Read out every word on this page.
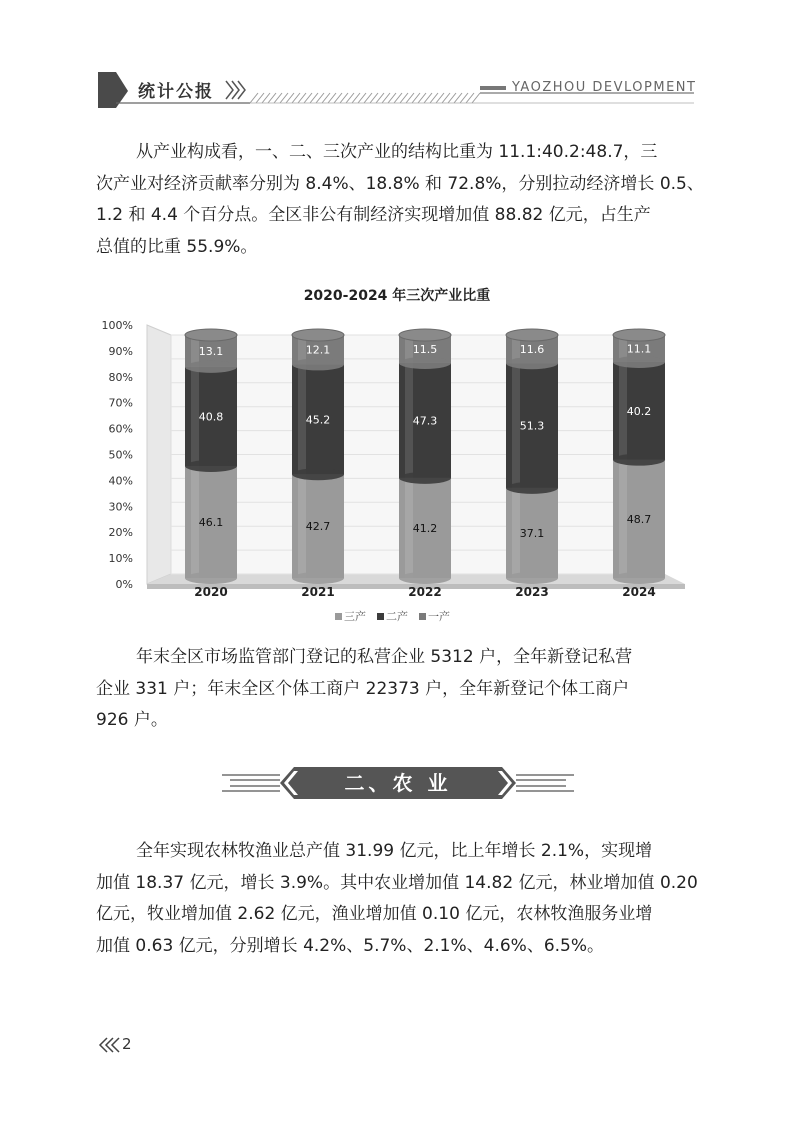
统计公报	YAOZHOU DEVLOPMENT

从产业构成看，一、二、三次产业的结构比重为 11.1:40.2:48.7，三
次产业对经济贡献率分别为 8.4%、18.8% 和 72.8%，分别拉动经济增长 0.5、
1.2 和 4.4 个百分点。全区非公有制经济实现增加值 88.82 亿元，占生产
总值的比重 55.9%。

2020-2024 年三次产业比重
0%
10%
20%
30%
40%
50%
60%
70%
80%
90%
100%
46.1
40.8
13.1
2020
42.7
45.2
12.1
2021
41.2
47.3
11.5
2022
37.1
51.3
11.6
2023
48.7
40.2
11.1
2024
三产 二产 一产

年末全区市场监管部门登记的私营企业 5312 户，全年新登记私营
企业 331 户；年末全区个体工商户 22373 户，全年新登记个体工商户
926 户。

二、农 业

全年实现农林牧渔业总产值 31.99 亿元，比上年增长 2.1%，实现增
加值 18.37 亿元，增长 3.9%。其中农业增加值 14.82 亿元，林业增加值 0.20
亿元，牧业增加值 2.62 亿元，渔业增加值 0.10 亿元，农林牧渔服务业增
加值 0.63 亿元，分别增长 4.2%、5.7%、2.1%、4.6%、6.5%。

2
